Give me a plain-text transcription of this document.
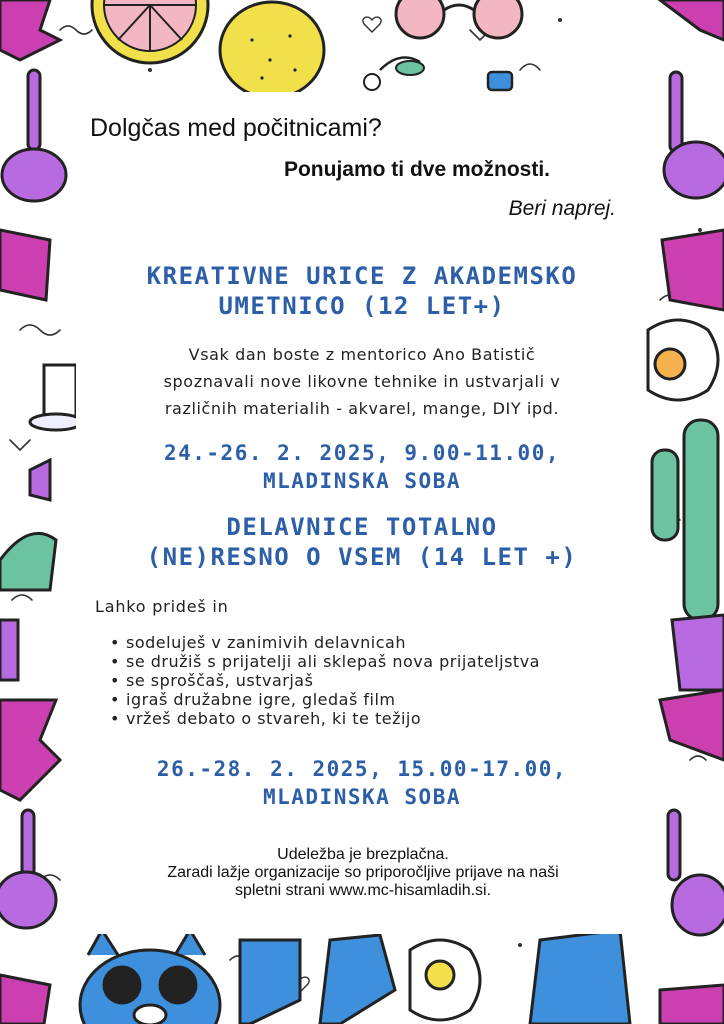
Dolgčas med počitnicami?

Ponujamo ti dve možnosti.

Beri naprej.

KREATIVNE URICE Z AKADEMSKO
UMETNICO (12 LET+)
Vsak dan boste z mentorico Ano Batistič
spoznavali nove likovne tehnike in ustvarjali v
različnih materialih - akvarel, mange, DIY ipd.
24.-26. 2. 2025, 9.00-11.00,
MLADINSKA SOBA
DELAVNICE TOTALNO
(NE)RESNO O VSEM (14 LET +)

Lahko prideš in

• sodeluješ v zanimivih delavnicah
• se družiš s prijatelji ali sklepaš nova prijateljstva
• se sproščaš, ustvarjaš
• igraš družabne igre, gledaš film
• vržeš debato o stvareh, ki te težijo
26.-28. 2. 2025, 15.00-17.00,
MLADINSKA SOBA
Udeležba je brezplačna.
Zaradi lažje organizacije so priporočljive prijave na naši
spletni strani www.mc-hisamladih.si.
